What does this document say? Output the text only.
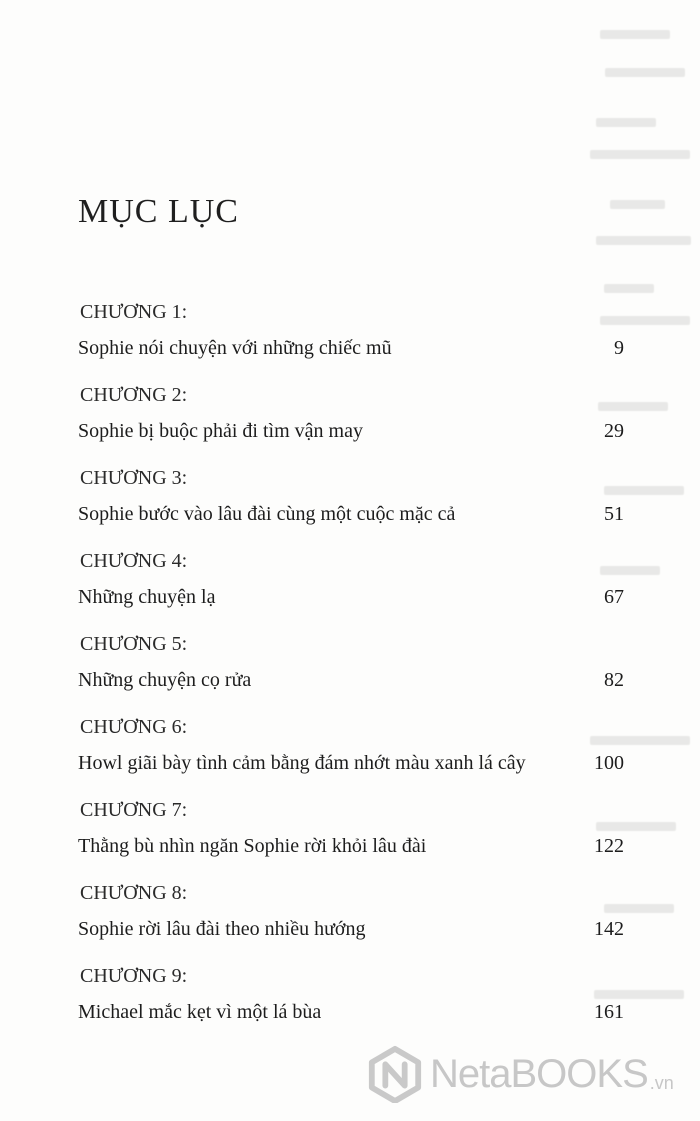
MỤC LỤC
CHƯƠNG 1:
Sophie nói chuyện với những chiếc mũ	9
CHƯƠNG 2:
Sophie bị buộc phải đi tìm vận may	29
CHƯƠNG 3:
Sophie bước vào lâu đài cùng một cuộc mặc cả	51
CHƯƠNG 4:
Những chuyện lạ	67
CHƯƠNG 5:
Những chuyện cọ rửa	82
CHƯƠNG 6:
Howl giãi bày tình cảm bằng đám nhớt màu xanh lá cây	100
CHƯƠNG 7:
Thằng bù nhìn ngăn Sophie rời khỏi lâu đài	122
CHƯƠNG 8:
Sophie rời lâu đài theo nhiều hướng	142
CHƯƠNG 9:
Michael mắc kẹt vì một lá bùa	161
NetaBOOKS .vn
